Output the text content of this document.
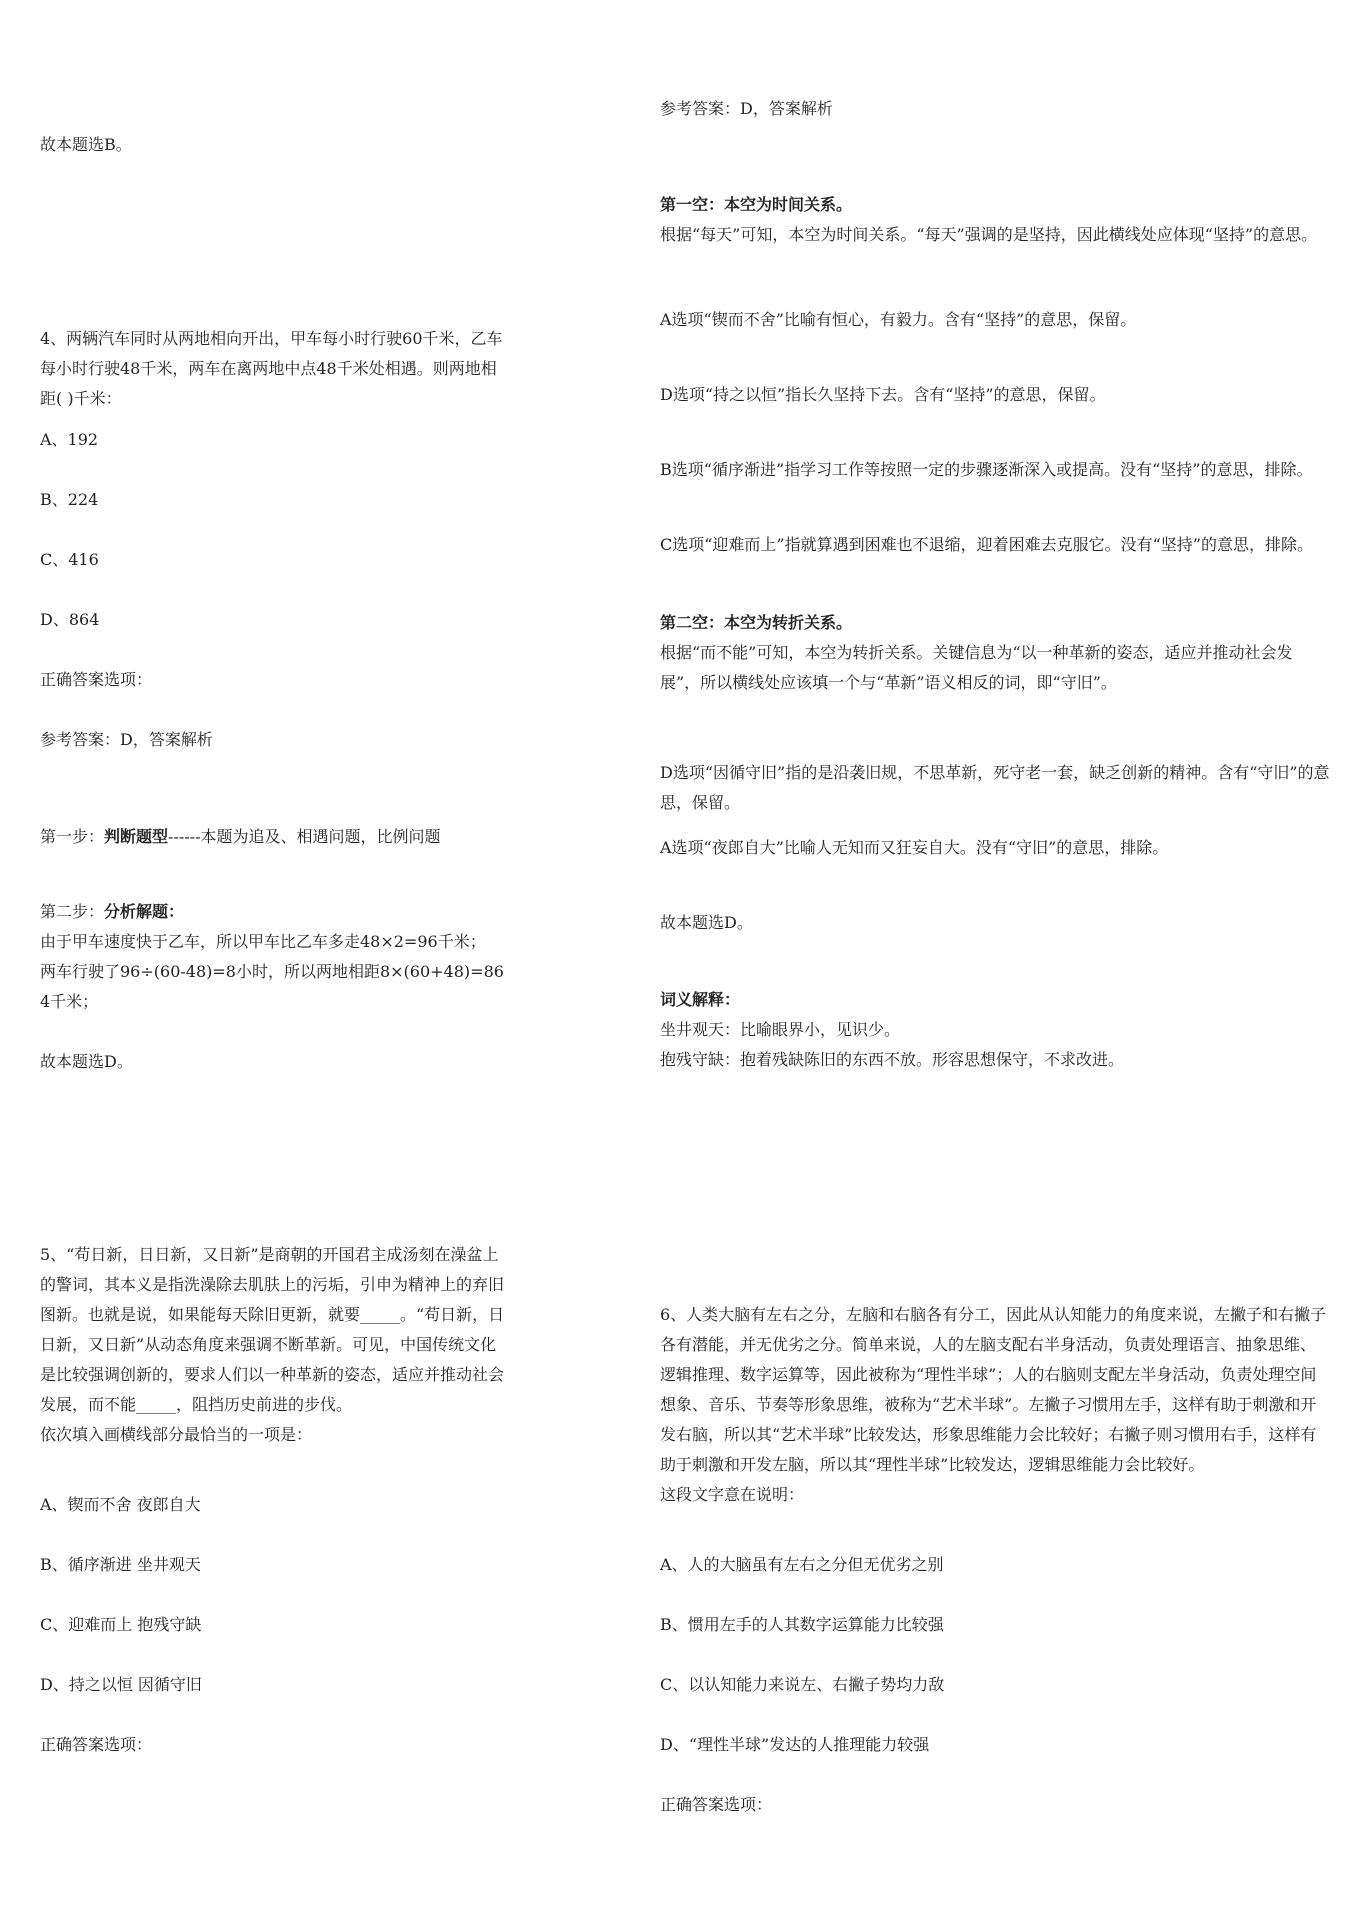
故本题选B。

4、两辆汽车同时从两地相向开出，甲车每小时行驶60千米，乙车每小时行驶48千米，两车在离两地中点48千米处相遇。则两地相距( )千米：

A、192

B、224

C、416

D、864

正确答案选项：

参考答案：D，答案解析

第一步：判断题型------本题为追及、相遇问题，比例问题

第二步：分析解题：

由于甲车速度快于乙车，所以甲车比乙车多走48×2=96千米；

两车行驶了96÷(60-48)=8小时，所以两地相距8×(60+48)=864千米；

故本题选D。

5、“苟日新，日日新，又日新”是商朝的开国君主成汤刻在澡盆上的警词，其本义是指洗澡除去肌肤上的污垢，引申为精神上的弃旧图新。也就是说，如果能每天除旧更新，就要_____。“苟日新，日日新，又日新”从动态角度来强调不断革新。可见，中国传统文化是比较强调创新的，要求人们以一种革新的姿态，适应并推动社会发展，而不能_____，阻挡历史前进的步伐。

依次填入画横线部分最恰当的一项是：

A、锲而不舍 夜郎自大

B、循序渐进 坐井观天

C、迎难而上 抱残守缺

D、持之以恒 因循守旧

正确答案选项：

参考答案：D，答案解析

第一空：本空为时间关系。

根据“每天”可知，本空为时间关系。“每天”强调的是坚持，因此横线处应体现“坚持”的意思。

A选项“锲而不舍”比喻有恒心，有毅力。含有“坚持”的意思，保留。

D选项“持之以恒”指长久坚持下去。含有“坚持”的意思，保留。

B选项“循序渐进”指学习工作等按照一定的步骤逐渐深入或提高。没有“坚持”的意思，排除。

C选项“迎难而上”指就算遇到困难也不退缩，迎着困难去克服它。没有“坚持”的意思，排除。

第二空：本空为转折关系。

根据“而不能”可知，本空为转折关系。关键信息为“以一种革新的姿态，适应并推动社会发展”，所以横线处应该填一个与“革新”语义相反的词，即“守旧”。

D选项“因循守旧”指的是沿袭旧规，不思革新，死守老一套，缺乏创新的精神。含有“守旧”的意思，保留。

A选项“夜郎自大”比喻人无知而又狂妄自大。没有“守旧”的意思，排除。

故本题选D。

词义解释：

坐井观天：比喻眼界小，见识少。

抱残守缺：抱着残缺陈旧的东西不放。形容思想保守，不求改进。

6、人类大脑有左右之分，左脑和右脑各有分工，因此从认知能力的角度来说，左撇子和右撇子各有潜能，并无优劣之分。简单来说，人的左脑支配右半身活动，负责处理语言、抽象思维、逻辑推理、数字运算等，因此被称为“理性半球”；人的右脑则支配左半身活动，负责处理空间想象、音乐、节奏等形象思维，被称为“艺术半球”。左撇子习惯用左手，这样有助于刺激和开发右脑，所以其“艺术半球”比较发达，形象思维能力会比较好；右撇子则习惯用右手，这样有助于刺激和开发左脑，所以其“理性半球”比较发达，逻辑思维能力会比较好。

这段文字意在说明：

A、人的大脑虽有左右之分但无优劣之别

B、惯用左手的人其数字运算能力比较强

C、以认知能力来说左、右撇子势均力敌

D、“理性半球”发达的人推理能力较强

正确答案选项：
